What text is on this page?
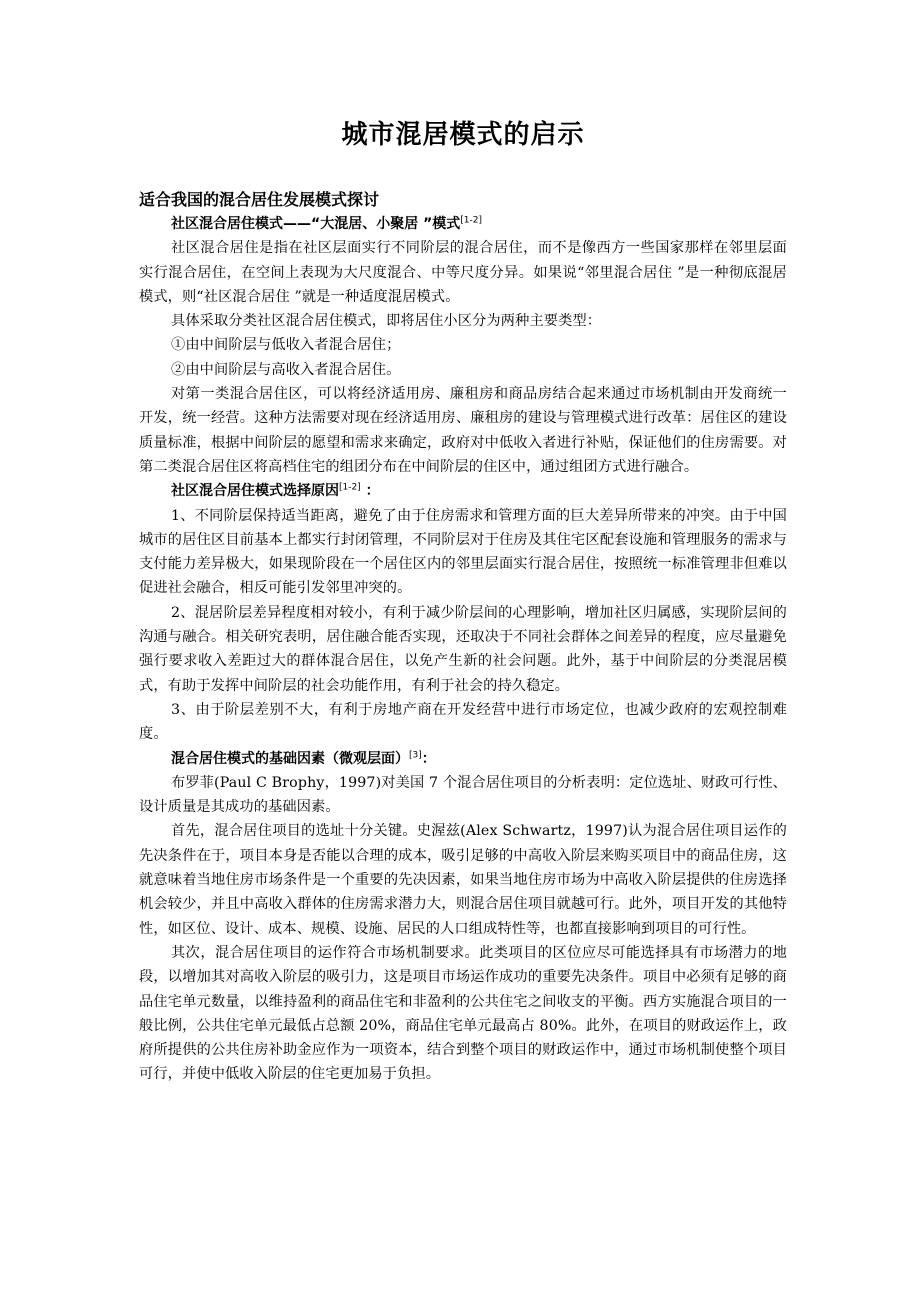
城市混居模式的启示
适合我国的混合居住发展模式探讨
社区混合居住模式——“大混居、小聚居 ”模式[1-2]

社区混合居住是指在社区层面实行不同阶层的混合居住，而不是像西方一些国家那样在邻里层面实行混合居住，在空间上表现为大尺度混合、中等尺度分异。如果说“邻里混合居住 ”是一种彻底混居模式，则“社区混合居住 ”就是一种适度混居模式。

具体采取分类社区混合居住模式，即将居住小区分为两种主要类型：

①由中间阶层与低收入者混合居住；

②由中间阶层与高收入者混合居住。

对第一类混合居住区，可以将经济适用房、廉租房和商品房结合起来通过市场机制由开发商统一开发，统一经营。这种方法需要对现在经济适用房、廉租房的建设与管理模式进行改革：居住区的建设质量标准，根据中间阶层的愿望和需求来确定，政府对中低收入者进行补贴，保证他们的住房需要。对第二类混合居住区将高档住宅的组团分布在中间阶层的住区中，通过组团方式进行融合。

社区混合居住模式选择原因[1-2] ：

1、不同阶层保持适当距离，避免了由于住房需求和管理方面的巨大差异所带来的冲突。由于中国城市的居住区目前基本上都实行封闭管理，不同阶层对于住房及其住宅区配套设施和管理服务的需求与支付能力差异极大，如果现阶段在一个居住区内的邻里层面实行混合居住，按照统一标准管理非但难以促进社会融合，相反可能引发邻里冲突的。

2、混居阶层差异程度相对较小，有利于减少阶层间的心理影响，增加社区归属感，实现阶层间的沟通与融合。相关研究表明，居住融合能否实现，还取决于不同社会群体之间差异的程度，应尽量避免强行要求收入差距过大的群体混合居住，以免产生新的社会问题。此外，基于中间阶层的分类混居模式，有助于发挥中间阶层的社会功能作用，有利于社会的持久稳定。

3、由于阶层差别不大，有利于房地产商在开发经营中进行市场定位，也减少政府的宏观控制难度。

混合居住模式的基础因素（微观层面）[3]：

布罗菲(Paul C Brophy，1997)对美国 7 个混合居住项目的分析表明：定位选址、财政可行性、设计质量是其成功的基础因素。

首先，混合居住项目的选址十分关键。史渥兹(Alex Schwartz，1997)认为混合居住项目运作的先决条件在于，项目本身是否能以合理的成本，吸引足够的中高收入阶层来购买项目中的商品住房，这就意味着当地住房市场条件是一个重要的先决因素，如果当地住房市场为中高收入阶层提供的住房选择机会较少，并且中高收入群体的住房需求潜力大，则混合居住项目就越可行。此外，项目开发的其他特性，如区位、设计、成本、规模、设施、居民的人口组成特性等，也都直接影响到项目的可行性。

其次，混合居住项目的运作符合市场机制要求。此类项目的区位应尽可能选择具有市场潜力的地段，以增加其对高收入阶层的吸引力，这是项目市场运作成功的重要先决条件。项目中必须有足够的商品住宅单元数量，以维持盈利的商品住宅和非盈利的公共住宅之间收支的平衡。西方实施混合项目的一般比例，公共住宅单元最低占总额 20%，商品住宅单元最高占 80%。此外，在项目的财政运作上，政府所提供的公共住房补助金应作为一项资本，结合到整个项目的财政运作中，通过市场机制使整个项目可行，并使中低收入阶层的住宅更加易于负担。
